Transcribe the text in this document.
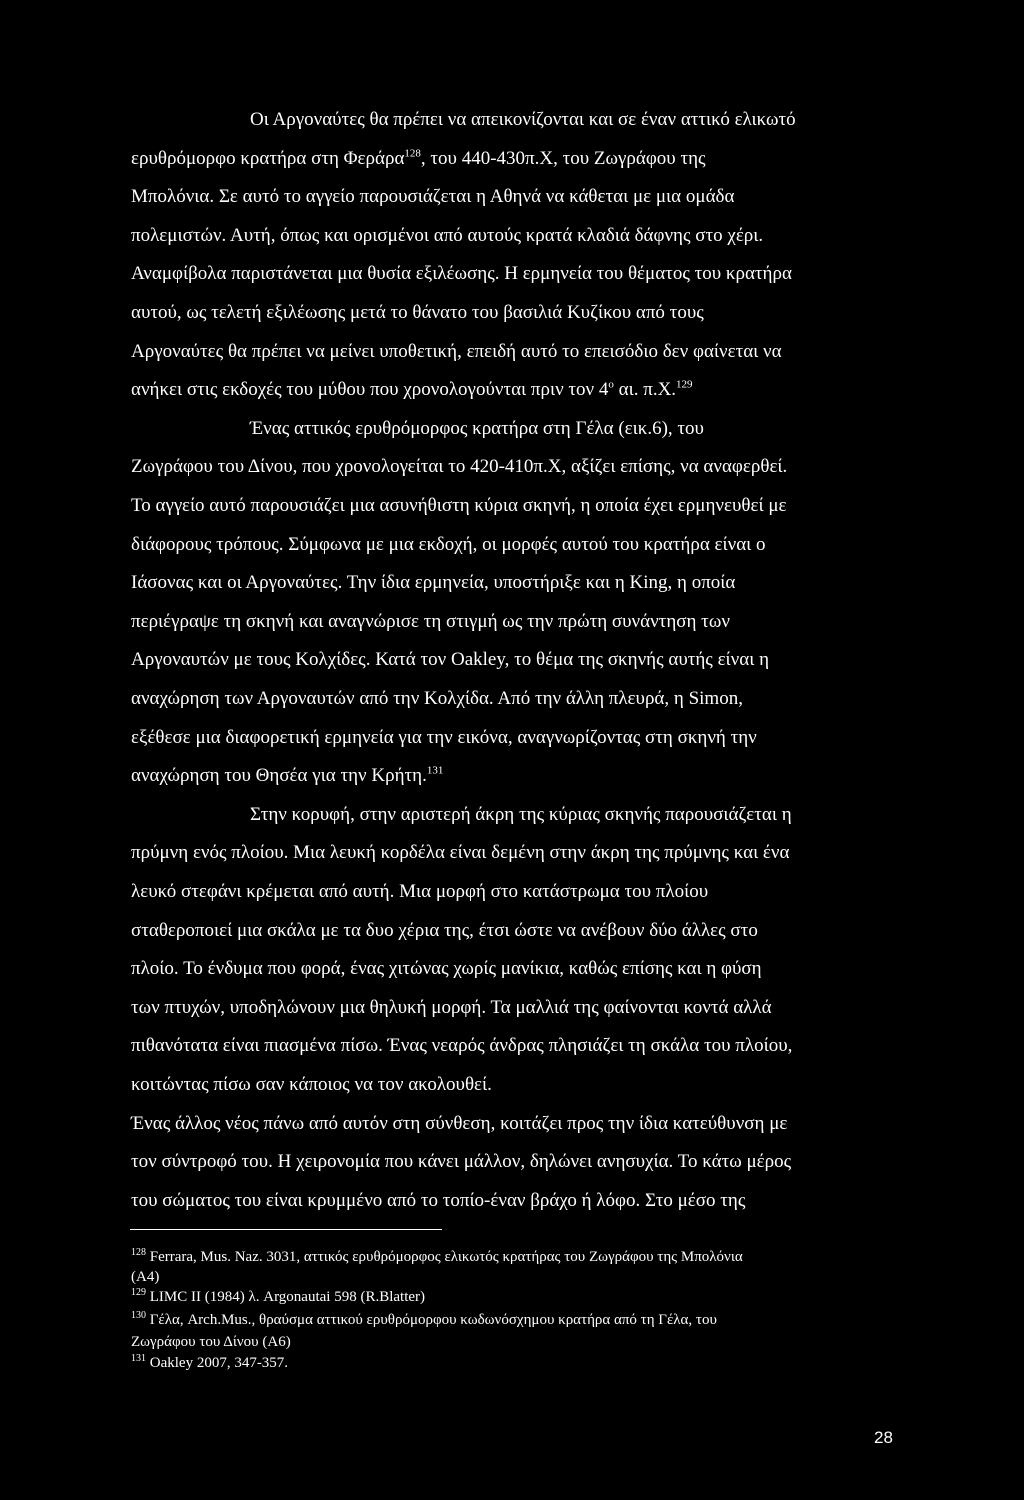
Οι Αργοναύτες θα πρέπει να απεικονίζονται και σε έναν αττικό ελικωτό
ερυθρόμορφο κρατήρα στη Φεράρα$^{128}$, του 440-430π.Χ, του Ζωγράφου της
Μπολόνια. Σε αυτό το αγγείο παρουσιάζεται η Αθηνά να κάθεται με μια ομάδα
πολεμιστών. Αυτή, όπως και ορισμένοι από αυτούς κρατά κλαδιά δάφνης στο χέρι.
Αναμφίβολα παριστάνεται μια θυσία εξιλέωσης. Η ερμηνεία του θέματος του κρατήρα
αυτού, ως τελετή εξιλέωσης μετά το θάνατο του βασιλιά Κυζίκου από τους
Αργοναύτες θα πρέπει να μείνει υποθετική, επειδή αυτό το επεισόδιο δεν φαίνεται να
ανήκει στις εκδοχές του μύθου που χρονολογούνται πριν τον $4^o$ αι. π.Χ.$^{129}$
Ένας αττικός ερυθρόμορφος κρατήρα στη Γέλα (εικ.6), του
Ζωγράφου του Δίνου, που χρονολογείται το 420-410π.Χ, αξίζει επίσης, να αναφερθεί.
Το αγγείο αυτό παρουσιάζει μια ασυνήθιστη κύρια σκηνή, η οποία έχει ερμηνευθεί με
διάφορους τρόπους. Σύμφωνα με μια εκδοχή, οι μορφές αυτού του κρατήρα είναι ο
Ιάσονας και οι Αργοναύτες. Την ίδια ερμηνεία, υποστήριξε και η King, η οποία
περιέγραψε τη σκηνή και αναγνώρισε τη στιγμή ως την πρώτη συνάντηση των
Αργοναυτών με τους Κολχίδες. Κατά τον Oakley, το θέμα της σκηνής αυτής είναι η
αναχώρηση των Αργοναυτών από την Κολχίδα. Από την άλλη πλευρά, η Simon,
εξέθεσε μια διαφορετική ερμηνεία για την εικόνα, αναγνωρίζοντας στη σκηνή την
αναχώρηση του Θησέα για την Κρήτη.$^{131}$
Στην κορυφή, στην αριστερή άκρη της κύριας σκηνής παρουσιάζεται η
πρύμνη ενός πλοίου. Μια λευκή κορδέλα είναι δεμένη στην άκρη της πρύμνης και ένα
λευκό στεφάνι κρέμεται από αυτή. Μια μορφή στο κατάστρωμα του πλοίου
σταθεροποιεί μια σκάλα με τα δυο χέρια της, έτσι ώστε να ανέβουν δύο άλλες στο
πλοίο. Το ένδυμα που φορά, ένας χιτώνας χωρίς μανίκια, καθώς επίσης και η φύση
των πτυχών, υποδηλώνουν μια θηλυκή μορφή. Τα μαλλιά της φαίνονται κοντά αλλά
πιθανότατα είναι πιασμένα πίσω. Ένας νεαρός άνδρας πλησιάζει τη σκάλα του πλοίου,
κοιτώντας πίσω σαν κάποιος να τον ακολουθεί.
Ένας άλλος νέος πάνω από αυτόν στη σύνθεση, κοιτάζει προς την ίδια κατεύθυνση με
τον σύντροφό του. Η χειρονομία που κάνει μάλλον, δηλώνει ανησυχία. Το κάτω μέρος
του σώματος του είναι κρυμμένο από το τοπίο-έναν βράχο ή λόφο. Στο μέσο της
$^{128}$ Ferrara, Mus. Naz. 3031, αττικός ερυθρόμορφος ελικωτός κρατήρας του Ζωγράφου της Μπολόνια
(Α4)
$^{129}$ LIMC II (1984) λ. Argonautai 598 (R.Blatter)
$^{130}$ Γέλα, Arch.Mus., θραύσμα αττικού ερυθρόμορφου κωδωνόσχημου κρατήρα από τη Γέλα, του
Ζωγράφου του Δίνου (Α6)
$^{131}$ Oakley 2007, 347-357.
28
